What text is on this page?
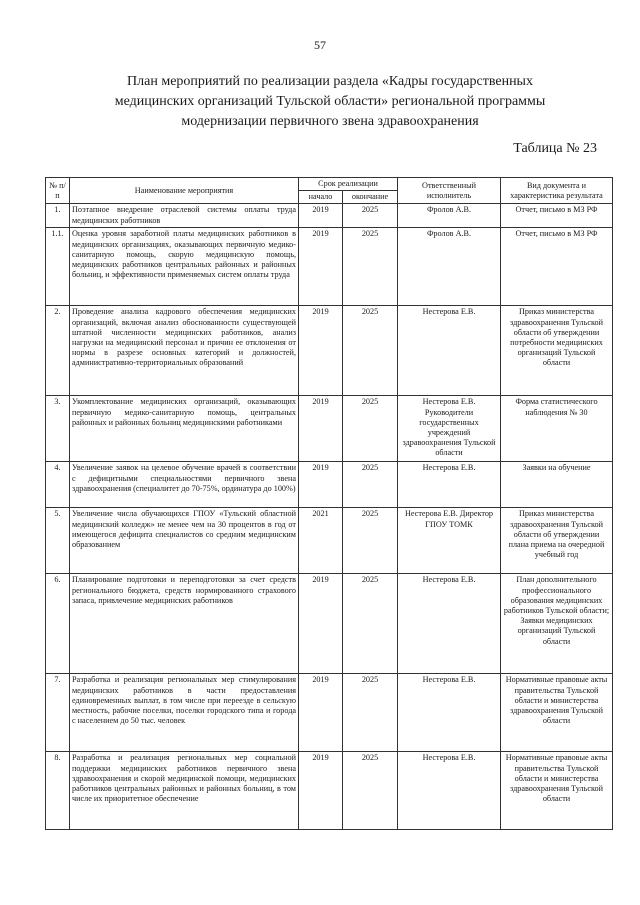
57
План мероприятий по реализации раздела «Кадры государственных
медицинских организаций Тульской области» региональной программы
модернизации первичного звена здравоохранения
Таблица № 23
№ п/п	Наименование мероприятия	Срок реализации		Ответственный исполнитель	Вид документа и характеристика результата
		начало	окончание		
1.	Поэтапное внедрение отраслевой системы оплаты труда медицинских работников	2019	2025	Фролов А.В.	Отчет, письмо в МЗ РФ
1.1.	Оценка уровня заработной платы медицинских работников в медицинских организациях, оказывающих первичную медико-санитарную помощь, скорую медицинскую помощь, медицинских работников центральных районных и районных больниц, и эффективности применяемых систем оплаты труда	2019	2025	Фролов А.В.	Отчет, письмо в МЗ РФ
2.	Проведение анализа кадрового обеспечения медицинских организаций, включая анализ обоснованности существующей штатной численности медицинских работников, анализ нагрузки на медицинский персонал и причин ее отклонения от нормы в разрезе основных категорий и должностей, административно-территориальных образований	2019	2025	Нестерова Е.В.	Приказ министерства здравоохранения Тульской области об утверждении потребности медицинских организаций Тульской области
3.	Укомплектование медицинских организаций, оказывающих первичную медико-санитарную помощь, центральных районных и районных больниц медицинскими работниками	2019	2025	Нестерова Е.В. Руководители государственных учреждений здравоохранения Тульской области	Форма статистического наблюдения № 30
4.	Увеличение заявок на целевое обучение врачей в соответствии с дефицитными специальностями первичного звена здравоохранения (специалитет до 70-75%, ординатура до 100%)	2019	2025	Нестерова Е.В.	Заявки на обучение
5.	Увеличение числа обучающихся ГПОУ «Тульский областной медицинский колледж» не менее чем на 30 процентов в год от имеющегося дефицита специалистов со средним медицинским образованием	2021	2025	Нестерова Е.В. Директор ГПОУ ТОМК	Приказ министерства здравоохранения Тульской области об утверждении плана приема на очередной учебный год
6.	Планирование подготовки и переподготовки за счет средств регионального бюджета, средств нормированного страхового запаса, привлечение медицинских работников	2019	2025	Нестерова Е.В.	План дополнительного профессионального образования медицинских работников Тульской области; Заявки медицинских организаций Тульской области
7.	Разработка и реализация региональных мер стимулирования медицинских работников в части предоставления единовременных выплат, в том числе при переезде в сельскую местность, рабочие поселки, поселки городского типа и города с населением до 50 тыс. человек	2019	2025	Нестерова Е.В.	Нормативные правовые акты правительства Тульской области и министерства здравоохранения Тульской области
8.	Разработка и реализация региональных мер социальной поддержки медицинских работников первичного звена здравоохранения и скорой медицинской помощи, медицинских работников центральных районных и районных больниц, в том числе их приоритетное обеспечение	2019	2025	Нестерова Е.В.	Нормативные правовые акты правительства Тульской области и министерства здравоохранения Тульской области
